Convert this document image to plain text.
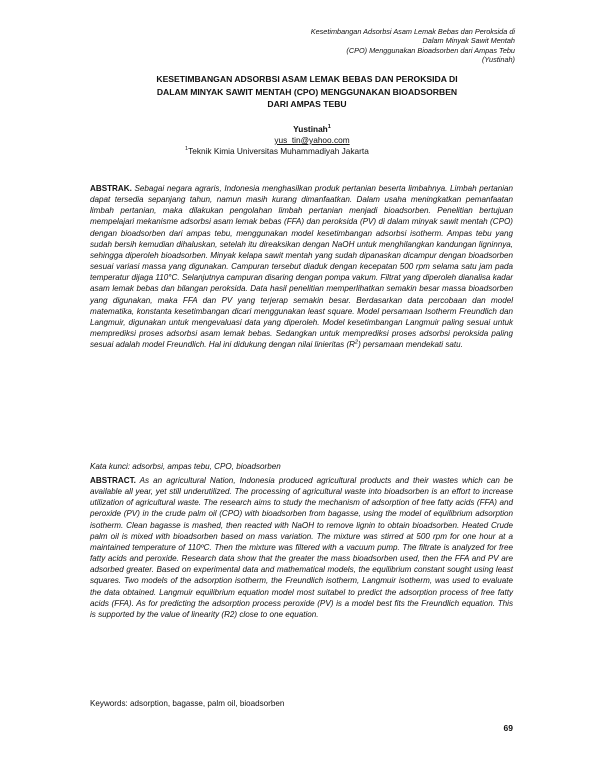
Kesetimbangan Adsorbsi Asam Lemak Bebas dan Peroksida di Dalam Minyak Sawit Mentah
(CPO) Menggunakan Bioadsorben dari Ampas Tebu
(Yustinah)
KESETIMBANGAN ADSORBSI ASAM LEMAK BEBAS DAN PEROKSIDA DI
DALAM MINYAK SAWIT MENTAH (CPO) MENGGUNAKAN BIOADSORBEN
DARI AMPAS TEBU
Yustinah$^1$
yus_tin@yahoo.com
$^1$Teknik Kimia Universitas Muhammadiyah Jakarta
ABSTRAK. Sebagai negara agraris, Indonesia menghasilkan produk pertanian beserta limbahnya. Limbah pertanian dapat tersedia sepanjang tahun, namun masih kurang dimanfaatkan. Dalam usaha meningkatkan pemanfaatan limbah pertanian, maka dilakukan pengolahan limbah pertanian menjadi bioadsorben. Penelitian bertujuan mempelajari mekanisme adsorbsi asam lemak bebas (FFA) dan peroksida (PV) di dalam minyak sawit mentah (CPO) dengan bioadsorben dari ampas tebu, menggunakan model kesetimbangan adsorbsi isotherm. Ampas tebu yang sudah bersih kemudian dihaluskan, setelah itu direaksikan dengan NaOH untuk menghilangkan kandungan ligninnya, sehingga diperoleh bioadsorben. Minyak kelapa sawit mentah yang sudah dipanaskan dicampur dengan bioadsorben sesuai variasi massa yang digunakan. Campuran tersebut diaduk dengan kecepatan 500 rpm selama satu jam pada temperatur dijaga 110°C. Selanjutnya campuran disaring dengan pompa vakum. Filtrat yang diperoleh dianalisa kadar asam lemak bebas dan bilangan peroksida. Data hasil penelitian memperlihatkan semakin besar massa bioadsorben yang digunakan, maka FFA dan PV yang terjerap semakin besar. Berdasarkan data percobaan dan model matematika, konstanta kesetimbangan dicari menggunakan least square. Model persamaan Isotherm Freundlich dan Langmuir, digunakan untuk mengevaluasi data yang diperoleh. Model kesetimbangan Langmuir paling sesuai untuk memprediksi proses adsorbsi asam lemak bebas. Sedangkan untuk memprediksi proses adsorbsi peroksida paling sesuai adalah model Freundlich. Hal ini didukung dengan nilai linieritas $(R^2)$ persamaan mendekati satu.
Kata kunci: adsorbsi, ampas tebu, CPO, bioadsorben
ABSTRACT. As an agricultural Nation, Indonesia produced agricultural products and their wastes which can be available all year, yet still underutilized. The processing of agricultural waste into bioadsorben is an effort to increase utilization of agricultural waste. The research aims to study the mechanism of adsorption of free fatty acids (FFA) and peroxide (PV) in the crude palm oil (CPO) with bioadsorben from bagasse, using the model of equilibrium adsorption isotherm. Clean bagasse is mashed, then reacted with NaOH to remove lignin to obtain bioadsorben. Heated Crude palm oil is mixed with bioadsorben based on mass variation. The mixture was stirred at 500 rpm for one hour at a maintained temperature of 110ºC. Then the mixture was filtered with a vacuum pump. The filtrate is analyzed for free fatty acids and peroxide. Research data show that the greater the mass bioadsorben used, then the FFA and PV are adsorbed greater. Based on experimental data and mathematical models, the equilibrium constant sought using least squares. Two models of the adsorption isotherm, the Freundlich isotherm, Langmuir isotherm, was used to evaluate the data obtained. Langmuir equilibrium equation model most suitabel to predict the adsorption process of free fatty acids (FFA). As for predicting the adsorption process peroxide (PV) is a model best fits the Freundlich equation. This is supported by the value of linearity (R2) close to one equation.
Keywords: adsorption, bagasse, palm oil, bioadsorben
69
